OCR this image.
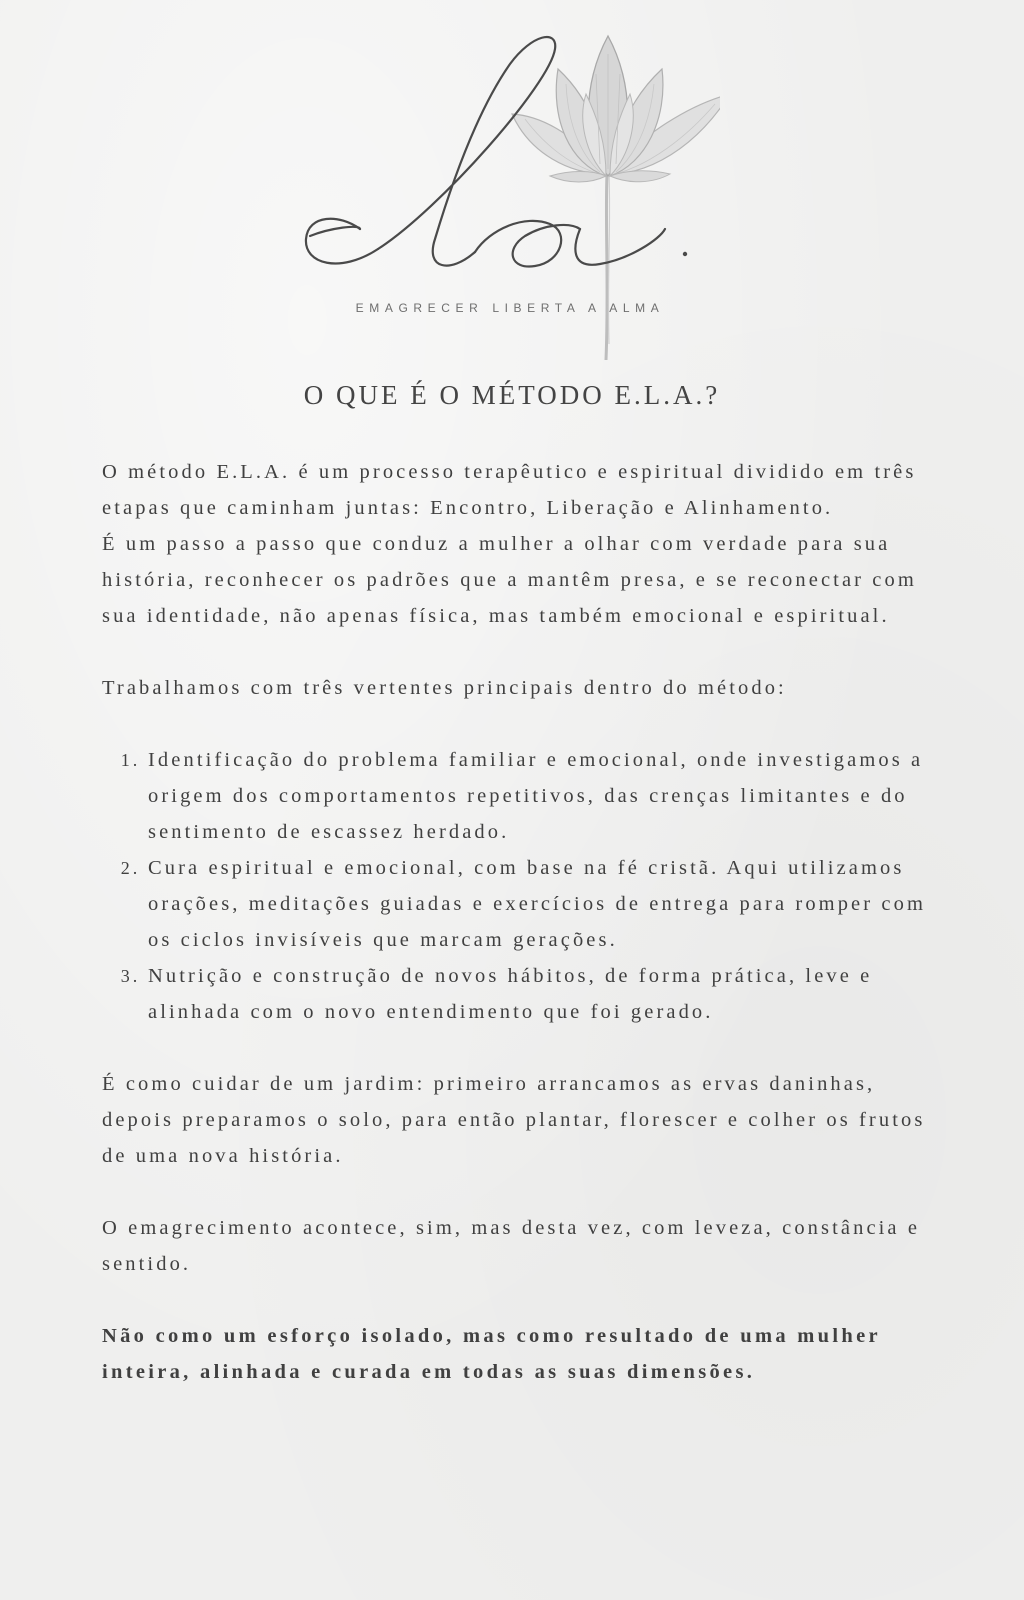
EMAGRECER LIBERTA A ALMA
O QUE É O MÉTODO E.L.A.?

O método E.L.A. é um processo terapêutico e espiritual dividido em três etapas que caminham juntas: Encontro, Liberação e Alinhamento.

É um passo a passo que conduz a mulher a olhar com verdade para sua história, reconhecer os padrões que a mantêm presa, e se reconectar com sua identidade, não apenas física, mas também emocional e espiritual.

Trabalhamos com três vertentes principais dentro do método:

1. Identificação do problema familiar e emocional, onde investigamos a origem dos comportamentos repetitivos, das crenças limitantes e do sentimento de escassez herdado.
2. Cura espiritual e emocional, com base na fé cristã. Aqui utilizamos orações, meditações guiadas e exercícios de entrega para romper com os ciclos invisíveis que marcam gerações.
3. Nutrição e construção de novos hábitos, de forma prática, leve e alinhada com o novo entendimento que foi gerado.

É como cuidar de um jardim: primeiro arrancamos as ervas daninhas, depois preparamos o solo, para então plantar, florescer e colher os frutos de uma nova história.

O emagrecimento acontece, sim, mas desta vez, com leveza, constância e sentido.

Não como um esforço isolado, mas como resultado de uma mulher inteira, alinhada e curada em todas as suas dimensões.
